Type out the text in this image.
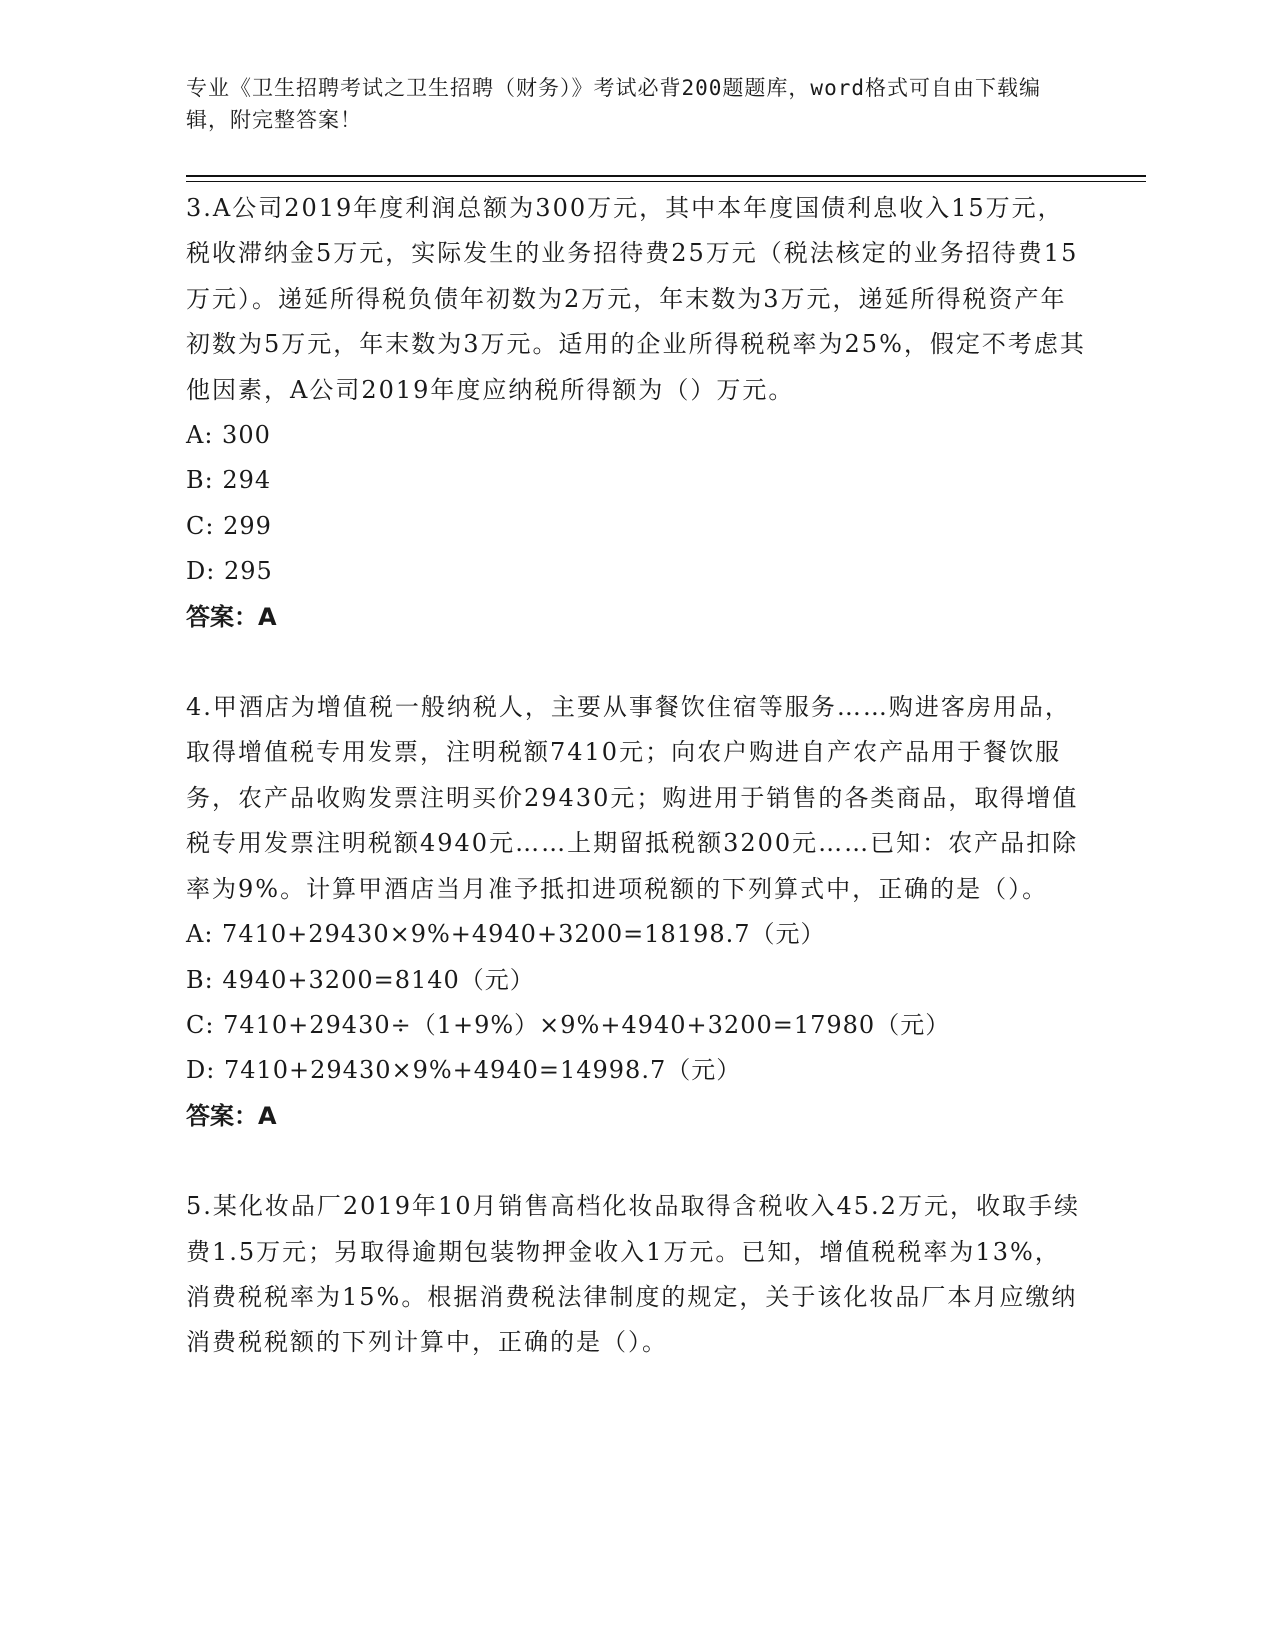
专业《卫生招聘考试之卫生招聘（财务）》考试必背200题题库，word格式可自由下载编辑，附完整答案！

3.A公司2019年度利润总额为300万元，其中本年度国债利息收入15万元，税收滞纳金5万元，实际发生的业务招待费25万元（税法核定的业务招待费15万元）。递延所得税负债年初数为2万元，年末数为3万元，递延所得税资产年初数为5万元，年末数为3万元。适用的企业所得税税率为25%，假定不考虑其他因素，A公司2019年度应纳税所得额为（）万元。

A: 300

B: 294

C: 299

D: 295

答案：A

4.甲酒店为增值税一般纳税人，主要从事餐饮住宿等服务……购进客房用品，取得增值税专用发票，注明税额7410元；向农户购进自产农产品用于餐饮服务，农产品收购发票注明买价29430元；购进用于销售的各类商品，取得增值税专用发票注明税额4940元……上期留抵税额3200元……已知：农产品扣除率为9%。计算甲酒店当月准予抵扣进项税额的下列算式中，正确的是（）。

A: 7410+29430×9%+4940+3200=18198.7（元）

B: 4940+3200=8140（元）

C: 7410+29430÷（1+9%）×9%+4940+3200=17980（元）

D: 7410+29430×9%+4940=14998.7（元）

答案：A

5.某化妆品厂2019年10月销售高档化妆品取得含税收入45.2万元，收取手续费1.5万元；另取得逾期包装物押金收入1万元。已知，增值税税率为13%，消费税税率为15%。根据消费税法律制度的规定，关于该化妆品厂本月应缴纳消费税税额的下列计算中，正确的是（）。
